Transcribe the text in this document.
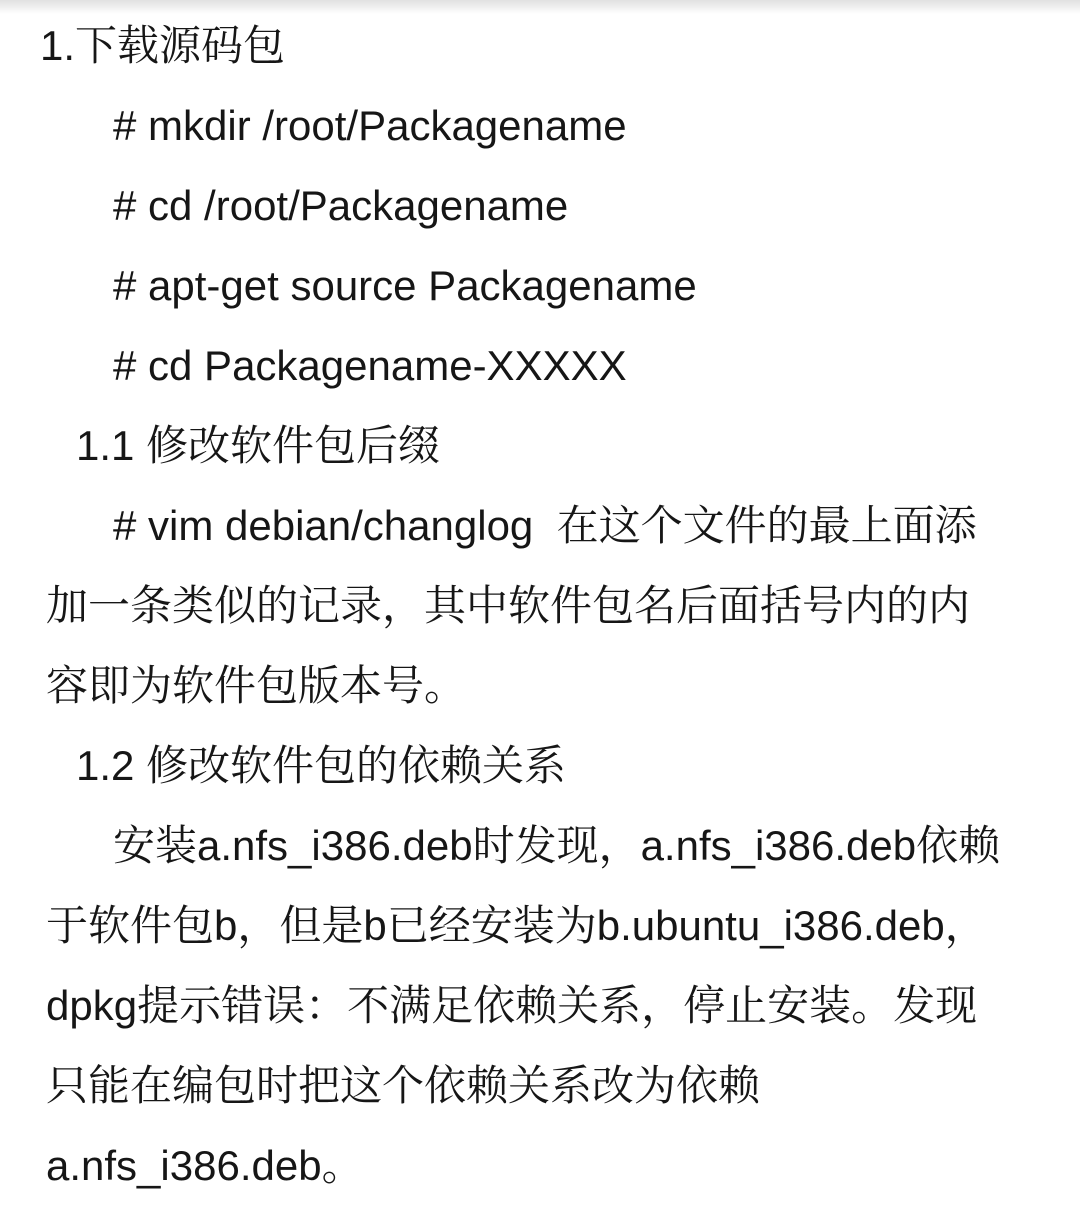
1.下载源码包
# mkdir /root/Packagename
# cd /root/Packagename
# apt-get source Packagename
# cd Packagename-XXXXX
1.1 修改软件包后缀
# vim debian/changlog  在这个文件的最上面添
加一条类似的记录，其中软件包名后面括号内的内
容即为软件包版本号。
1.2 修改软件包的依赖关系
安装a.nfs_i386.deb时发现，a.nfs_i386.deb依赖
于软件包b，但是b已经安装为b.ubuntu_i386.deb，
dpkg提示错误：不满足依赖关系，停止安装。发现
只能在编包时把这个依赖关系改为依赖
a.nfs_i386.deb。
